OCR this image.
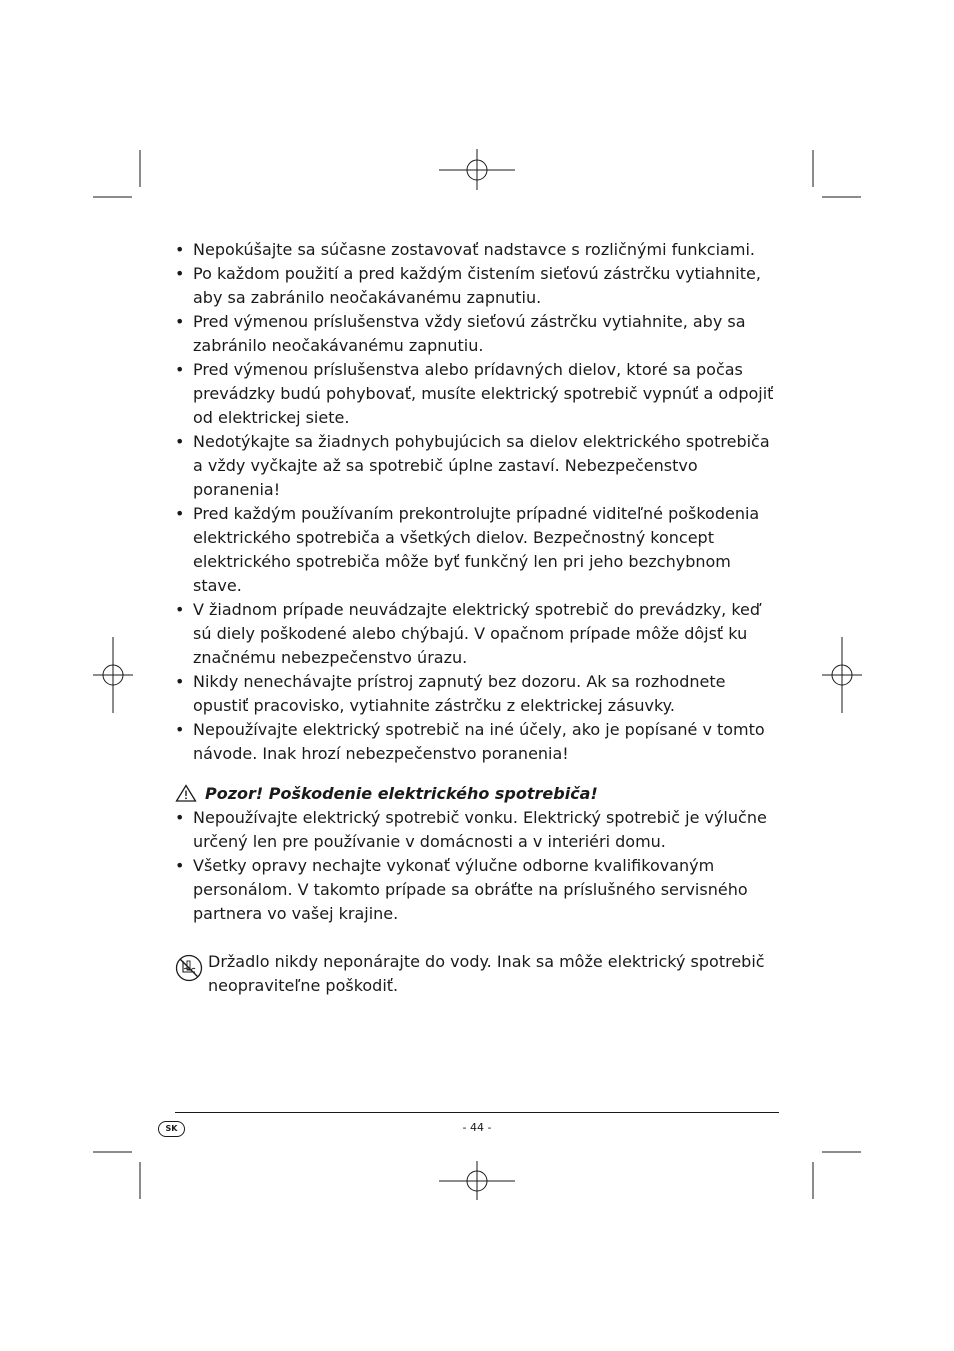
• Nepokúšajte sa súčasne zostavovať nadstavce s rozličnými funkciami.
• Po každom použití a pred každým čistením sieťovú zástrčku vytiahnite, aby sa zabránilo neočakávanému zapnutiu.
• Pred výmenou príslušenstva vždy sieťovú zástrčku vytiahnite, aby sa zabránilo neočakávanému zapnutiu.
• Pred výmenou príslušenstva alebo prídavných dielov, ktoré sa počas prevádzky budú pohybovať, musíte elektrický spotrebič vypnúť a odpojiť od elektrickej siete.
• Nedotýkajte sa žiadnych pohybujúcich sa dielov elektrického spotrebiča a vždy vyčkajte až sa spotrebič úplne zastaví. Nebezpečenstvo poranenia!
• Pred každým používaním prekontrolujte prípadné viditeľné poškodenia elektrického spotrebiča a všetkých dielov. Bezpečnostný koncept elektrického spotrebiča môže byť funkčný len pri jeho bezchybnom stave.
• V žiadnom prípade neuvádzajte elektrický spotrebič do prevádzky, keď sú diely poškodené alebo chýbajú. V opačnom prípade môže dôjsť ku značnému nebezpečenstvo úrazu.
• Nikdy nenechávajte prístroj zapnutý bez dozoru. Ak sa rozhodnete opustiť pracovisko, vytiahnite zástrčku z elektrickej zásuvky.
• Nepoužívajte elektrický spotrebič na iné účely, ako je popísané v tomto návode. Inak hrozí nebezpečenstvo poranenia!
Pozor! Poškodenie elektrického spotrebiča!
• Nepoužívajte elektrický spotrebič vonku. Elektrický spotrebič je výlučne určený len pre používanie v domácnosti a v interiéri domu.
• Všetky opravy nechajte vykonať výlučne odborne kvalifikovaným personálom. V takomto prípade sa obráťte na príslušného servisného partnera vo vašej krajine.
Držadlo nikdy neponárajte do vody. Inak sa môže elektrický spotrebič neopraviteľne poškodiť.
SK	- 44 -
